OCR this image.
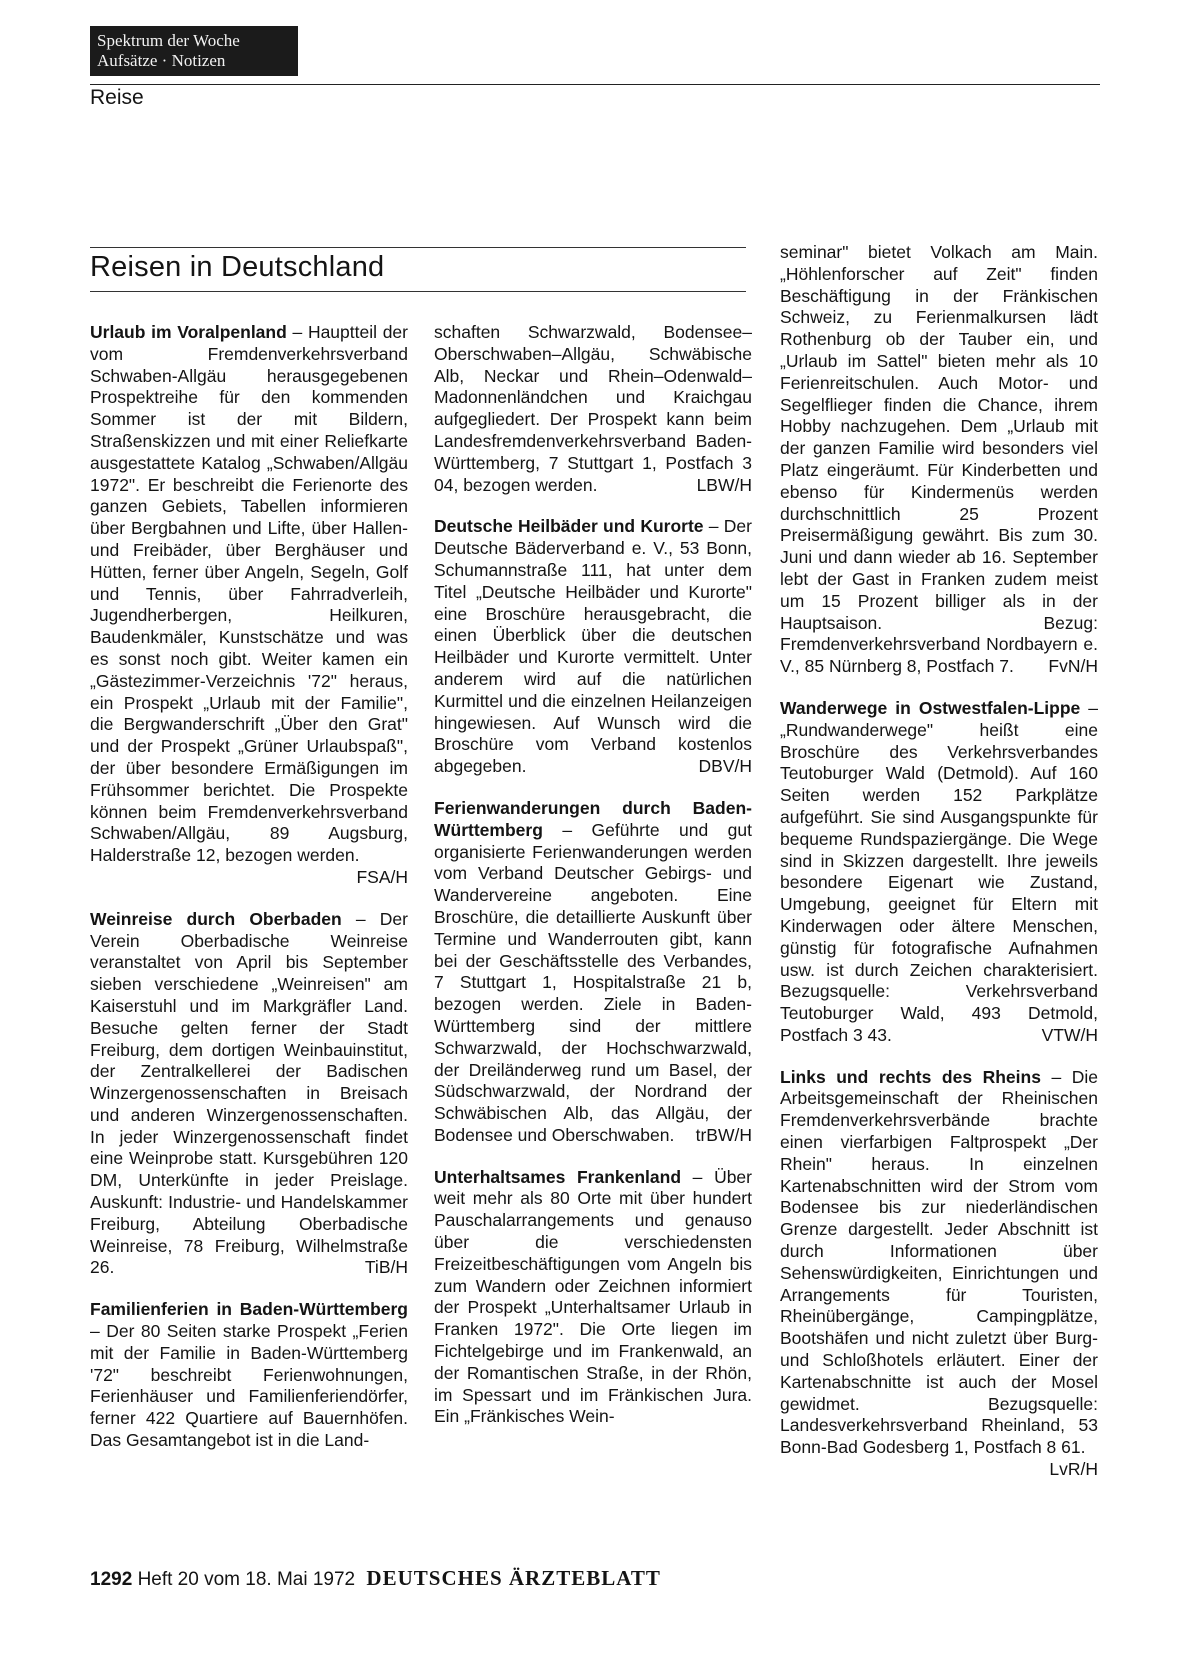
Spektrum der Woche
Aufsätze · Notizen
Reise
Reisen in Deutschland

Urlaub im Voralpenland – Hauptteil der vom Fremdenverkehrsverband Schwaben-Allgäu herausgegebenen Prospektreihe für den kommenden Sommer ist der mit Bildern, Straßenskizzen und mit einer Reliefkarte ausgestattete Katalog „Schwaben/Allgäu 1972". Er beschreibt die Ferienorte des ganzen Gebiets, Tabellen informieren über Bergbahnen und Lifte, über Hallen- und Freibäder, über Berghäuser und Hütten, ferner über Angeln, Segeln, Golf und Tennis, über Fahrradverleih, Jugendherbergen, Heilkuren, Baudenkmäler, Kunstschätze und was es sonst noch gibt. Weiter kamen ein „Gästezimmer-Verzeichnis '72" heraus, ein Prospekt „Urlaub mit der Familie", die Bergwanderschrift „Über den Grat" und der Prospekt „Grüner Urlaubspaß", der über besondere Ermäßigungen im Frühsommer berichtet. Die Prospekte können beim Fremdenverkehrsverband Schwaben/Allgäu, 89 Augsburg, Halderstraße 12, bezogen werden.
FSA/H

Weinreise durch Oberbaden – Der Verein Oberbadische Weinreise veranstaltet von April bis September sieben verschiedene „Weinreisen" am Kaiserstuhl und im Markgräfler Land. Besuche gelten ferner der Stadt Freiburg, dem dortigen Weinbauinstitut, der Zentralkellerei der Badischen Winzergenossenschaften in Breisach und anderen Winzergenossenschaften. In jeder Winzergenossenschaft findet eine Weinprobe statt. Kursgebühren 120 DM, Unterkünfte in jeder Preislage. Auskunft: Industrie- und Handelskammer Freiburg, Abteilung Oberbadische Weinreise, 78 Freiburg, Wilhelmstraße 26.	TiB/H

Familienferien in Baden-Württemberg – Der 80 Seiten starke Prospekt „Ferien mit der Familie in Baden-Württemberg '72" beschreibt Ferienwohnungen, Ferienhäuser und Familienferiendörfer, ferner 422 Quartiere auf Bauernhöfen. Das Gesamtangebot ist in die Land-

schaften Schwarzwald, Bodensee–Oberschwaben–Allgäu, Schwäbische Alb, Neckar und Rhein–Odenwald–Madonnenländchen und Kraichgau aufgegliedert. Der Prospekt kann beim Landesfremdenverkehrsverband Baden-Württemberg, 7 Stuttgart 1, Postfach 3 04, bezogen werden.	LBW/H

Deutsche Heilbäder und Kurorte – Der Deutsche Bäderverband e. V., 53 Bonn, Schumannstraße 111, hat unter dem Titel „Deutsche Heilbäder und Kurorte" eine Broschüre herausgebracht, die einen Überblick über die deutschen Heilbäder und Kurorte vermittelt. Unter anderem wird auf die natürlichen Kurmittel und die einzelnen Heilanzeigen hingewiesen. Auf Wunsch wird die Broschüre vom Verband kostenlos abgegeben.	DBV/H

Ferienwanderungen durch Baden-Württemberg – Geführte und gut organisierte Ferienwanderungen werden vom Verband Deutscher Gebirgs- und Wandervereine angeboten. Eine Broschüre, die detaillierte Auskunft über Termine und Wanderrouten gibt, kann bei der Geschäftsstelle des Verbandes, 7 Stuttgart 1, Hospitalstraße 21 b, bezogen werden. Ziele in Baden-Württemberg sind der mittlere Schwarzwald, der Hochschwarzwald, der Dreiländerweg rund um Basel, der Südschwarzwald, der Nordrand der Schwäbischen Alb, das Allgäu, der Bodensee und Oberschwaben. trBW/H

Unterhaltsames Frankenland – Über weit mehr als 80 Orte mit über hundert Pauschalarrangements und genauso über die verschiedensten Freizeitbeschäftigungen vom Angeln bis zum Wandern oder Zeichnen informiert der Prospekt „Unterhaltsamer Urlaub in Franken 1972". Die Orte liegen im Fichtelgebirge und im Frankenwald, an der Romantischen Straße, in der Rhön, im Spessart und im Fränkischen Jura. Ein „Fränkisches Wein-

seminar" bietet Volkach am Main. „Höhlenforscher auf Zeit" finden Beschäftigung in der Fränkischen Schweiz, zu Ferienmalkursen lädt Rothenburg ob der Tauber ein, und „Urlaub im Sattel" bieten mehr als 10 Ferienreitschulen. Auch Motor- und Segelflieger finden die Chance, ihrem Hobby nachzugehen. Dem „Urlaub mit der ganzen Familie wird besonders viel Platz eingeräumt. Für Kinderbetten und ebenso für Kindermenüs werden durchschnittlich 25 Prozent Preisermäßigung gewährt. Bis zum 30. Juni und dann wieder ab 16. September lebt der Gast in Franken zudem meist um 15 Prozent billiger als in der Hauptsaison. Bezug: Fremdenverkehrsverband Nordbayern e. V., 85 Nürnberg 8, Postfach 7. FvN/H

Wanderwege in Ostwestfalen-Lippe – „Rundwanderwege" heißt eine Broschüre des Verkehrsverbandes Teutoburger Wald (Detmold). Auf 160 Seiten werden 152 Parkplätze aufgeführt. Sie sind Ausgangspunkte für bequeme Rundspaziergänge. Die Wege sind in Skizzen dargestellt. Ihre jeweils besondere Eigenart wie Zustand, Umgebung, geeignet für Eltern mit Kinderwagen oder ältere Menschen, günstig für fotografische Aufnahmen usw. ist durch Zeichen charakterisiert. Bezugsquelle: Verkehrsverband Teutoburger Wald, 493 Detmold, Postfach 3 43.	VTW/H

Links und rechts des Rheins – Die Arbeitsgemeinschaft der Rheinischen Fremdenverkehrsverbände brachte einen vierfarbigen Faltprospekt „Der Rhein" heraus. In einzelnen Kartenabschnitten wird der Strom vom Bodensee bis zur niederländischen Grenze dargestellt. Jeder Abschnitt ist durch Informationen über Sehenswürdigkeiten, Einrichtungen und Arrangements für Touristen, Rheinübergänge, Campingplätze, Bootshäfen und nicht zuletzt über Burg- und Schloßhotels erläutert. Einer der Kartenabschnitte ist auch der Mosel gewidmet. Bezugsquelle: Landesverkehrsverband Rheinland, 53 Bonn-Bad Godesberg 1, Postfach 8 61.
LvR/H

1292 Heft 20 vom 18. Mai 1972 DEUTSCHES ÄRZTEBLATT
